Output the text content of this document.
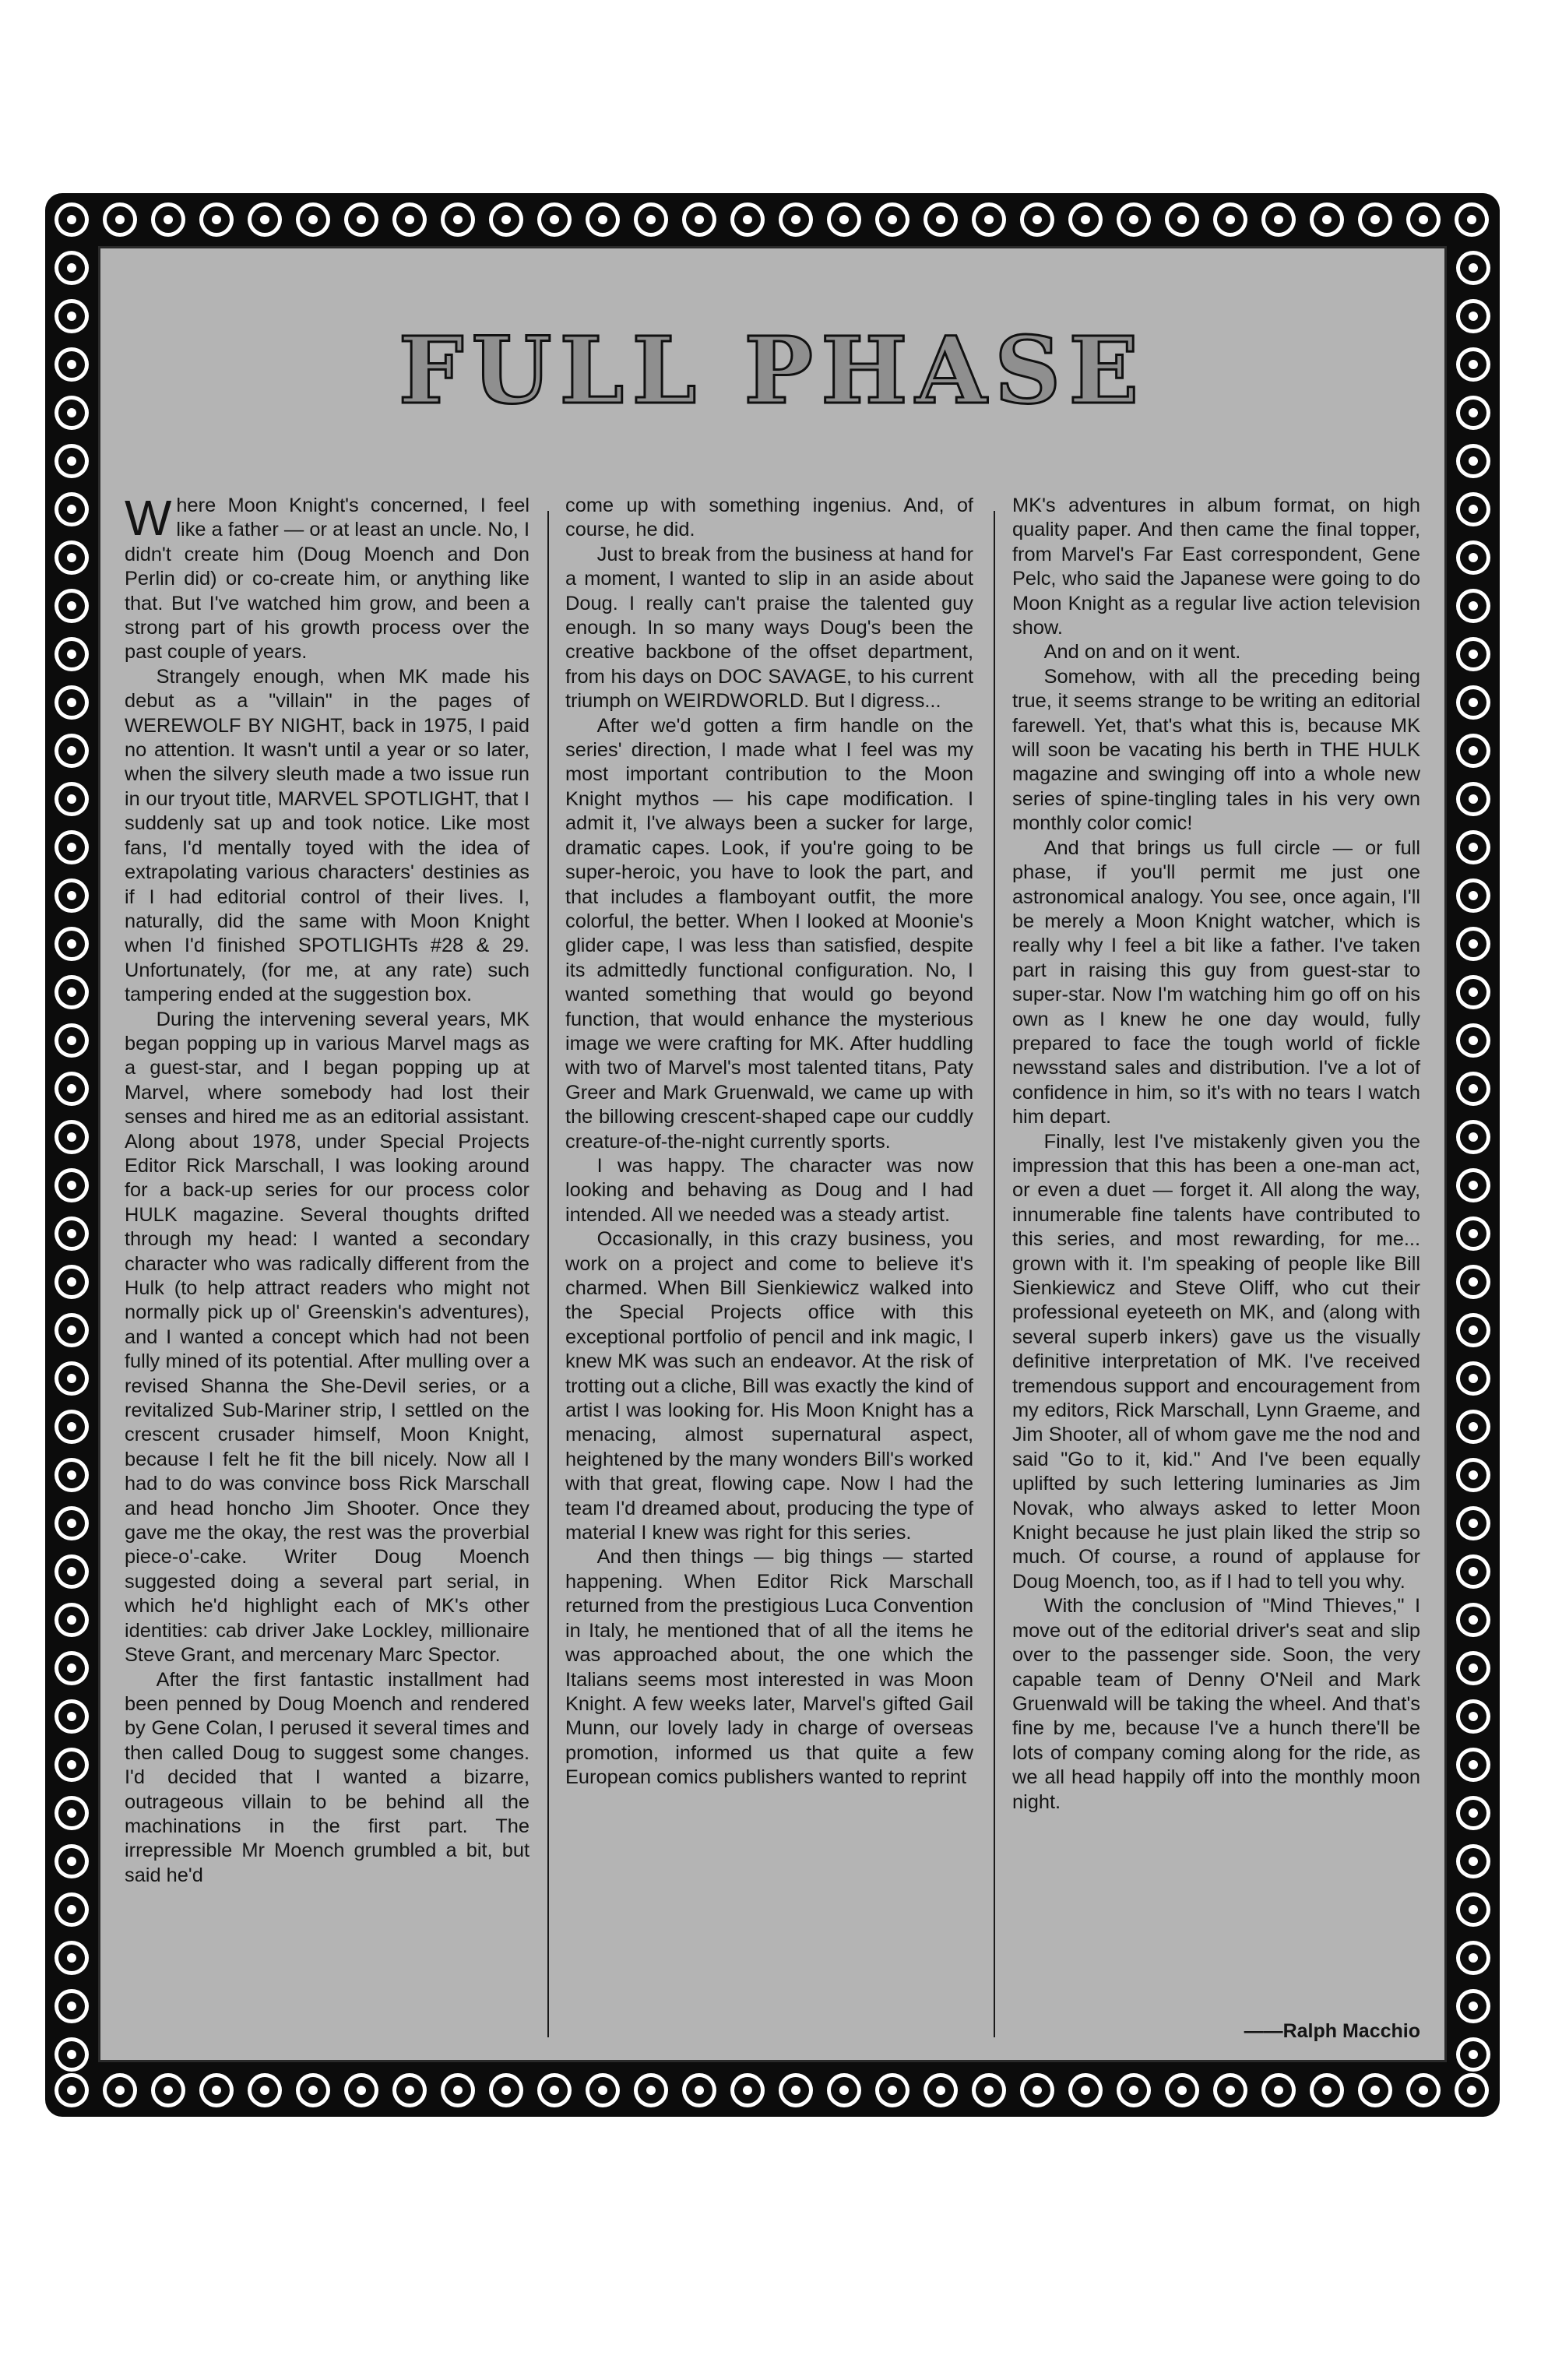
FULL PHASE

Where Moon Knight's concerned, I feel like a father — or at least an uncle. No, I didn't create him (Doug Moench and Don Perlin did) or co-create him, or anything like that. But I've watched him grow, and been a strong part of his growth process over the past couple of years.

Strangely enough, when MK made his debut as a "villain" in the pages of WEREWOLF BY NIGHT, back in 1975, I paid no attention. It wasn't until a year or so later, when the silvery sleuth made a two issue run in our tryout title, MARVEL SPOTLIGHT, that I suddenly sat up and took notice. Like most fans, I'd mentally toyed with the idea of extrapolating various characters' destinies as if I had editorial control of their lives. I, naturally, did the same with Moon Knight when I'd finished SPOTLIGHTs #28 & 29. Unfortunately, (for me, at any rate) such tampering ended at the suggestion box.

During the intervening several years, MK began popping up in various Marvel mags as a guest-star, and I began popping up at Marvel, where somebody had lost their senses and hired me as an editorial assistant. Along about 1978, under Special Projects Editor Rick Marschall, I was looking around for a back-up series for our process color HULK magazine. Several thoughts drifted through my head: I wanted a secondary character who was radically different from the Hulk (to help attract readers who might not normally pick up ol' Greenskin's adventures), and I wanted a concept which had not been fully mined of its potential. After mulling over a revised Shanna the She-Devil series, or a revitalized Sub-Mariner strip, I settled on the crescent crusader himself, Moon Knight, because I felt he fit the bill nicely. Now all I had to do was convince boss Rick Marschall and head honcho Jim Shooter. Once they gave me the okay, the rest was the proverbial piece-o'-cake. Writer Doug Moench suggested doing a several part serial, in which he'd highlight each of MK's other identities: cab driver Jake Lockley, millionaire Steve Grant, and mercenary Marc Spector.

After the first fantastic installment had been penned by Doug Moench and rendered by Gene Colan, I perused it several times and then called Doug to suggest some changes. I'd decided that I wanted a bizarre, outrageous villain to be behind all the machinations in the first part. The irrepressible Mr Moench grumbled a bit, but said he'd

come up with something ingenius. And, of course, he did.

Just to break from the business at hand for a moment, I wanted to slip in an aside about Doug. I really can't praise the talented guy enough. In so many ways Doug's been the creative backbone of the offset department, from his days on DOC SAVAGE, to his current triumph on WEIRDWORLD. But I digress...

After we'd gotten a firm handle on the series' direction, I made what I feel was my most important contribution to the Moon Knight mythos — his cape modification. I admit it, I've always been a sucker for large, dramatic capes. Look, if you're going to be super-heroic, you have to look the part, and that includes a flamboyant outfit, the more colorful, the better. When I looked at Moonie's glider cape, I was less than satisfied, despite its admittedly functional configuration. No, I wanted something that would go beyond function, that would enhance the mysterious image we were crafting for MK. After huddling with two of Marvel's most talented titans, Paty Greer and Mark Gruenwald, we came up with the billowing crescent-shaped cape our cuddly creature-of-the-night currently sports.

I was happy. The character was now looking and behaving as Doug and I had intended. All we needed was a steady artist.

Occasionally, in this crazy business, you work on a project and come to believe it's charmed. When Bill Sienkiewicz walked into the Special Projects office with this exceptional portfolio of pencil and ink magic, I knew MK was such an endeavor. At the risk of trotting out a cliche, Bill was exactly the kind of artist I was looking for. His Moon Knight has a menacing, almost supernatural aspect, heightened by the many wonders Bill's worked with that great, flowing cape. Now I had the team I'd dreamed about, producing the type of material I knew was right for this series.

And then things — big things — started happening. When Editor Rick Marschall returned from the prestigious Luca Convention in Italy, he mentioned that of all the items he was approached about, the one which the Italians seems most interested in was Moon Knight. A few weeks later, Marvel's gifted Gail Munn, our lovely lady in charge of overseas promotion, informed us that quite a few European comics publishers wanted to reprint

MK's adventures in album format, on high quality paper. And then came the final topper, from Marvel's Far East correspondent, Gene Pelc, who said the Japanese were going to do Moon Knight as a regular live action television show.

And on and on it went.

Somehow, with all the preceding being true, it seems strange to be writing an editorial farewell. Yet, that's what this is, because MK will soon be vacating his berth in THE HULK magazine and swinging off into a whole new series of spine-tingling tales in his very own monthly color comic!

And that brings us full circle — or full phase, if you'll permit me just one astronomical analogy. You see, once again, I'll be merely a Moon Knight watcher, which is really why I feel a bit like a father. I've taken part in raising this guy from guest-star to super-star. Now I'm watching him go off on his own as I knew he one day would, fully prepared to face the tough world of fickle newsstand sales and distribution. I've a lot of confidence in him, so it's with no tears I watch him depart.

Finally, lest I've mistakenly given you the impression that this has been a one-man act, or even a duet — forget it. All along the way, innumerable fine talents have contributed to this series, and most rewarding, for me... grown with it. I'm speaking of people like Bill Sienkiewicz and Steve Oliff, who cut their professional eyeteeth on MK, and (along with several superb inkers) gave us the visually definitive interpretation of MK. I've received tremendous support and encouragement from my editors, Rick Marschall, Lynn Graeme, and Jim Shooter, all of whom gave me the nod and said "Go to it, kid." And I've been equally uplifted by such lettering luminaries as Jim Novak, who always asked to letter Moon Knight because he just plain liked the strip so much. Of course, a round of applause for Doug Moench, too, as if I had to tell you why.

With the conclusion of "Mind Thieves," I move out of the editorial driver's seat and slip over to the passenger side. Soon, the very capable team of Denny O'Neil and Mark Gruenwald will be taking the wheel. And that's fine by me, because I've a hunch there'll be lots of company coming along for the ride, as we all head happily off into the monthly moon night.

——Ralph Macchio
